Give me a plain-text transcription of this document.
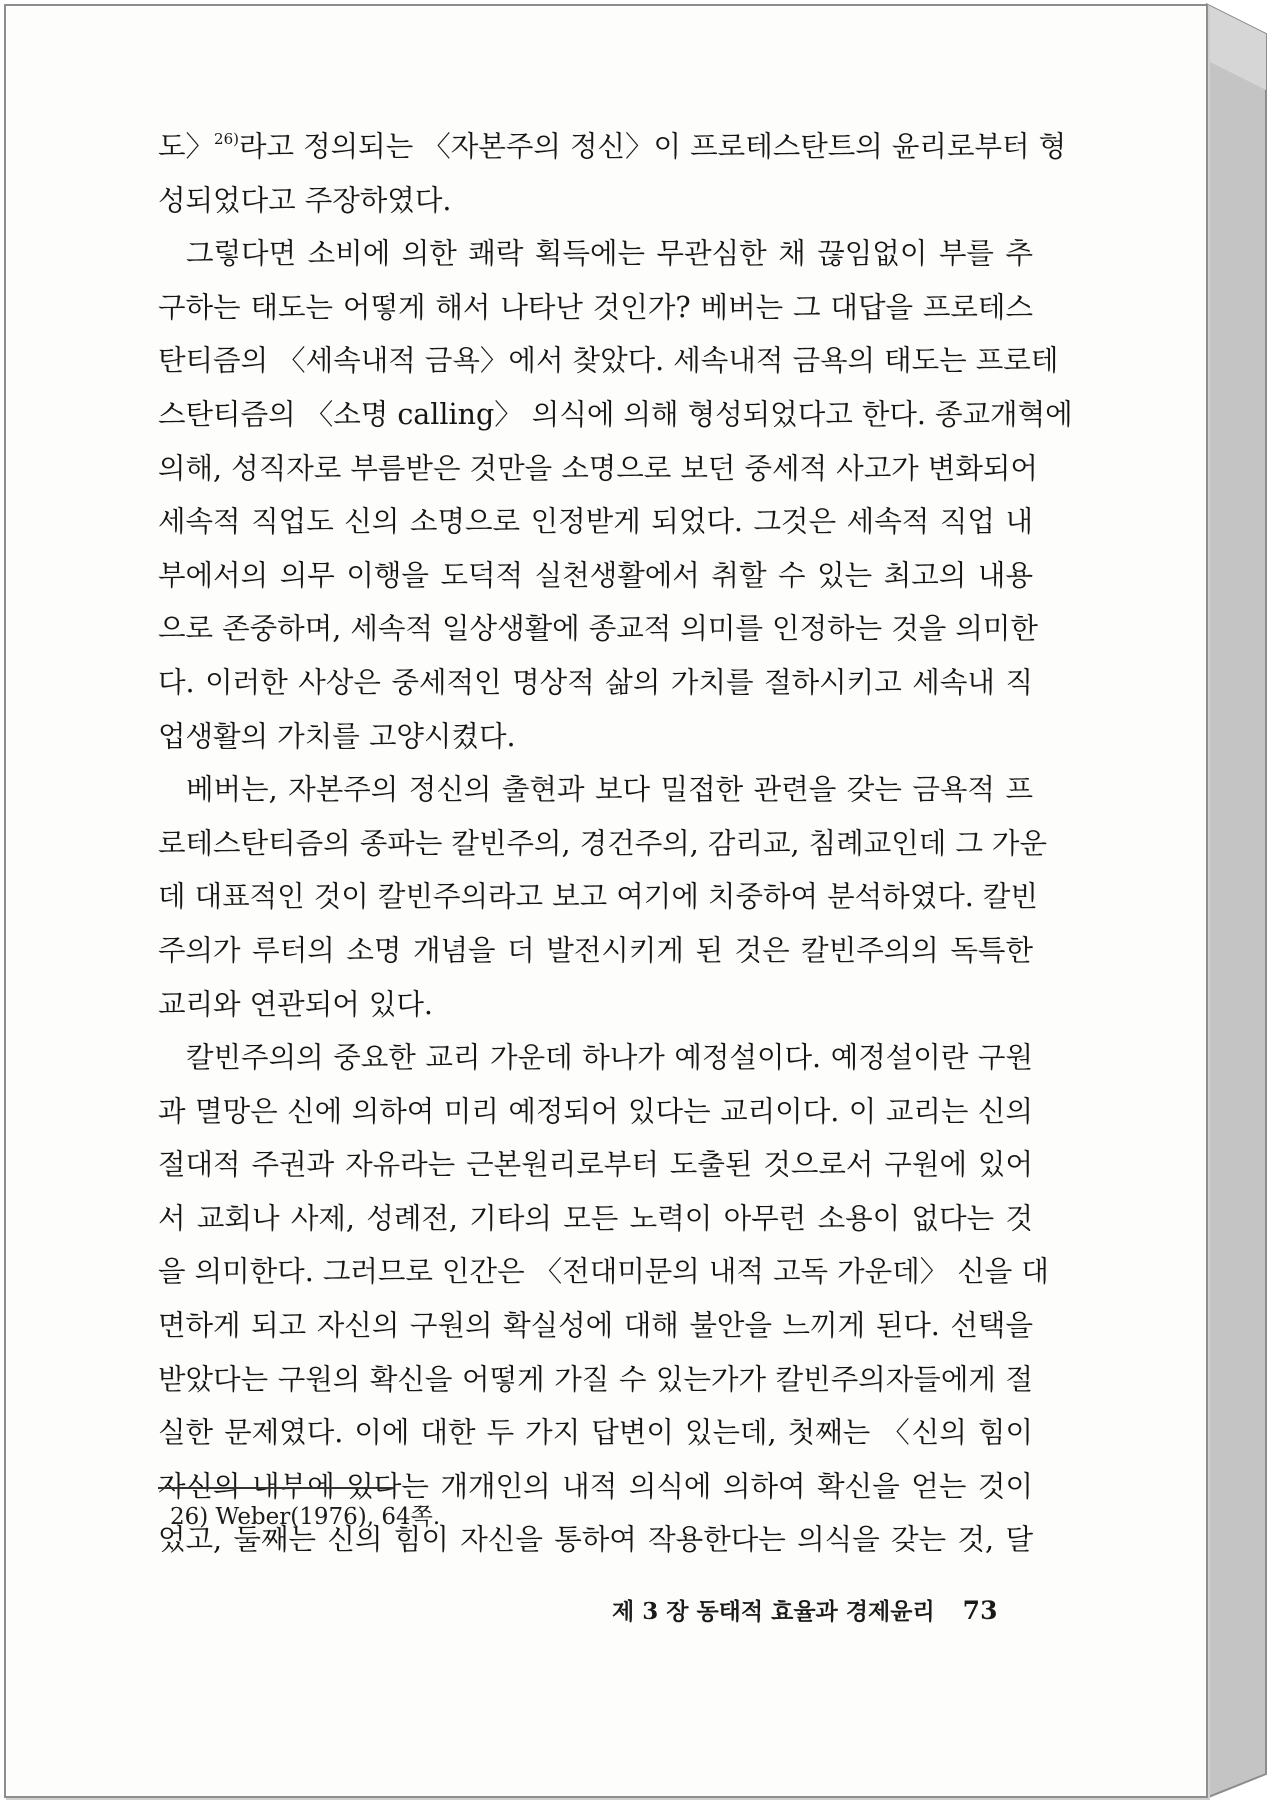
도〉$^{26)}$라고 정의되는 〈자본주의 정신〉이 프로테스탄트의 윤리로부터 형
성되었다고 주장하였다.
그렇다면 소비에 의한 쾌락 획득에는 무관심한 채 끊임없이 부를 추
구하는 태도는 어떻게 해서 나타난 것인가? 베버는 그 대답을 프로테스
탄티즘의 〈세속내적 금욕〉에서 찾았다. 세속내적 금욕의 태도는 프로테
스탄티즘의 〈소명 calling〉 의식에 의해 형성되었다고 한다. 종교개혁에
의해, 성직자로 부름받은 것만을 소명으로 보던 중세적 사고가 변화되어
세속적 직업도 신의 소명으로 인정받게 되었다. 그것은 세속적 직업 내
부에서의 의무 이행을 도덕적 실천생활에서 취할 수 있는 최고의 내용
으로 존중하며, 세속적 일상생활에 종교적 의미를 인정하는 것을 의미한
다. 이러한 사상은 중세적인 명상적 삶의 가치를 절하시키고 세속내 직
업생활의 가치를 고양시켰다.
베버는, 자본주의 정신의 출현과 보다 밀접한 관련을 갖는 금욕적 프
로테스탄티즘의 종파는 칼빈주의, 경건주의, 감리교, 침례교인데 그 가운
데 대표적인 것이 칼빈주의라고 보고 여기에 치중하여 분석하였다. 칼빈
주의가 루터의 소명 개념을 더 발전시키게 된 것은 칼빈주의의 독특한
교리와 연관되어 있다.
칼빈주의의 중요한 교리 가운데 하나가 예정설이다. 예정설이란 구원
과 멸망은 신에 의하여 미리 예정되어 있다는 교리이다. 이 교리는 신의
절대적 주권과 자유라는 근본원리로부터 도출된 것으로서 구원에 있어
서 교회나 사제, 성례전, 기타의 모든 노력이 아무런 소용이 없다는 것
을 의미한다. 그러므로 인간은 〈전대미문의 내적 고독 가운데〉 신을 대
면하게 되고 자신의 구원의 확실성에 대해 불안을 느끼게 된다. 선택을
받았다는 구원의 확신을 어떻게 가질 수 있는가가 칼빈주의자들에게 절
실한 문제였다. 이에 대한 두 가지 답변이 있는데, 첫째는 〈신의 힘이
자신의 내부에 있다는 개개인의 내적 의식에 의하여 확신을 얻는 것이
었고, 둘째는 신의 힘이 자신을 통하여 작용한다는 의식을 갖는 것, 달
26) Weber(1976), 64쪽.
제 3 장 동태적 효율과 경제윤리 73
